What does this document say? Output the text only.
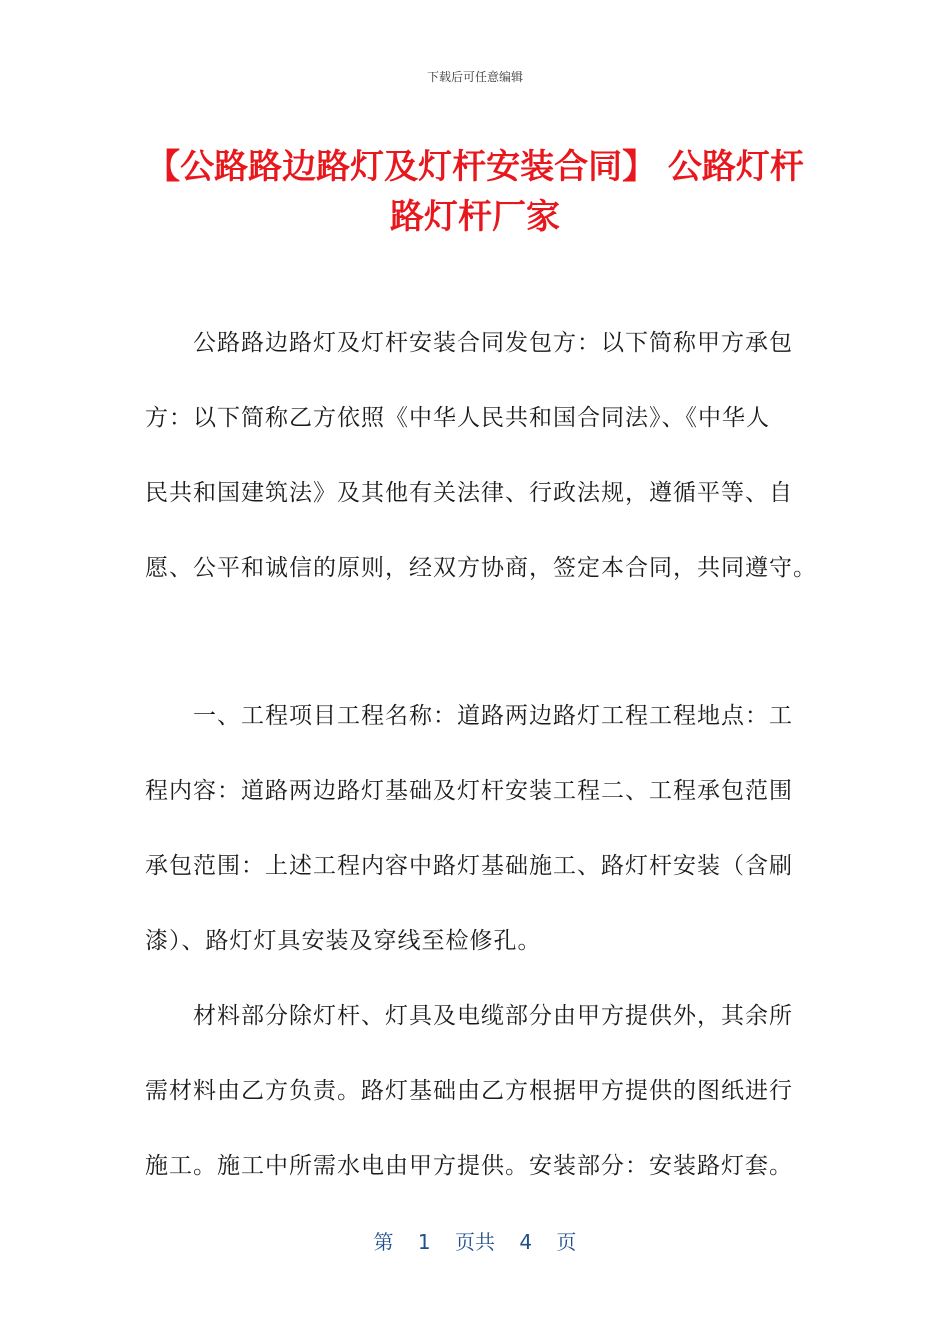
下载后可任意编辑
【公路路边路灯及灯杆安装合同】 公路灯杆
路灯杆厂家
公路路边路灯及灯杆安装合同发包方：以下简称甲方承包
方：以下简称乙方依照《中华人民共和国合同法》、《中华人
民共和国建筑法》及其他有关法律、行政法规，遵循平等、自
愿、公平和诚信的原则，经双方协商，签定本合同，共同遵守。
一、工程项目工程名称：道路两边路灯工程工程地点：工
程内容：道路两边路灯基础及灯杆安装工程二、工程承包范围
承包范围：上述工程内容中路灯基础施工、路灯杆安装（含刷
漆）、路灯灯具安装及穿线至检修孔。
材料部分除灯杆、灯具及电缆部分由甲方提供外，其余所
需材料由乙方负责。路灯基础由乙方根据甲方提供的图纸进行
施工。施工中所需水电由甲方提供。安装部分：安装路灯套。
第 1 页共 4 页
